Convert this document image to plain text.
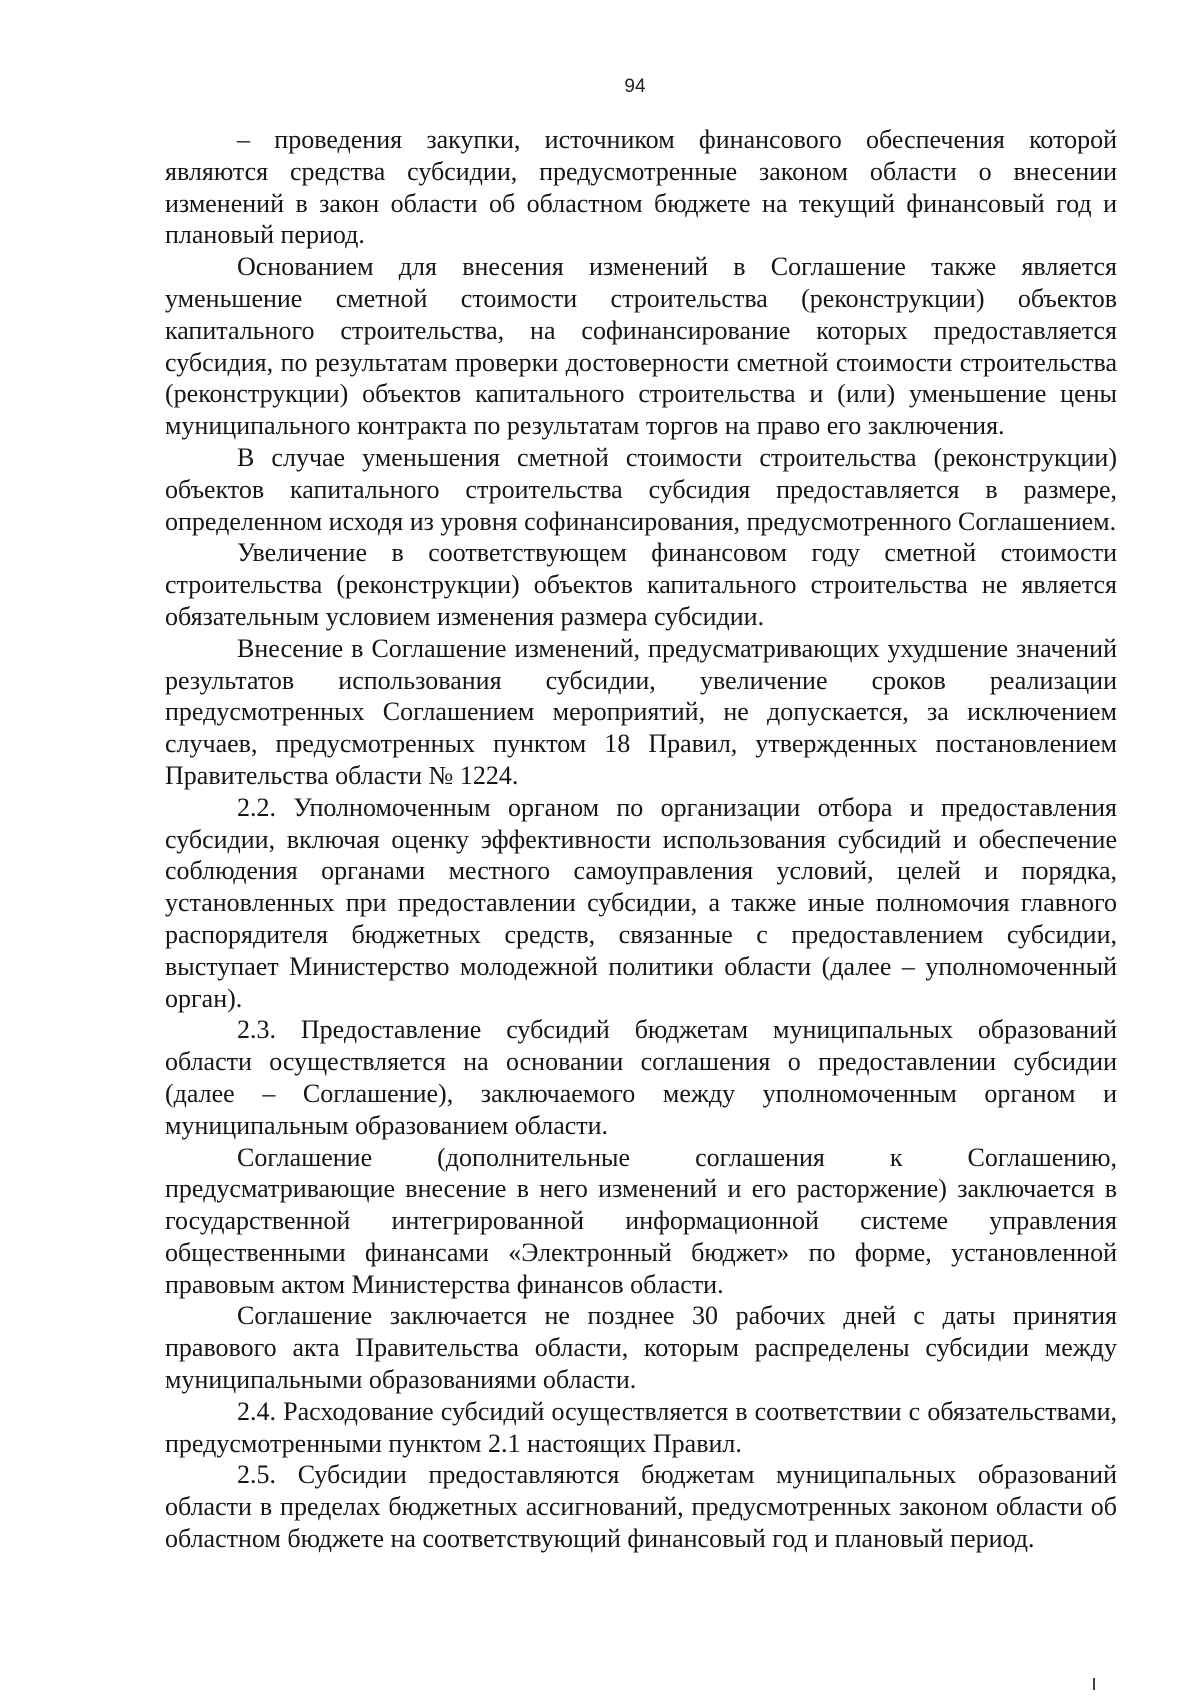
94

– проведения закупки, источником финансового обеспечения которой являются средства субсидии, предусмотренные законом области о внесении изменений в закон области об областном бюджете на текущий финансовый год и плановый период.

Основанием для внесения изменений в Соглашение также является уменьшение сметной стоимости строительства (реконструкции) объектов капитального строительства, на софинансирование которых предоставляется субсидия, по результатам проверки достоверности сметной стоимости строительства (реконструкции) объектов капитального строительства и (или) уменьшение цены муниципального контракта по результатам торгов на право его заключения.

В случае уменьшения сметной стоимости строительства (реконструкции) объектов капитального строительства субсидия предоставляется в размере, определенном исходя из уровня софинансирования, предусмотренного Соглашением.

Увеличение в соответствующем финансовом году сметной стоимости строительства (реконструкции) объектов капитального строительства не является обязательным условием изменения размера субсидии.

Внесение в Соглашение изменений, предусматривающих ухудшение значений результатов использования субсидии, увеличение сроков реализации предусмотренных Соглашением мероприятий, не допускается, за исключением случаев, предусмотренных пунктом 18 Правил, утвержденных постановлением Правительства области № 1224.

2.2. Уполномоченным органом по организации отбора и предоставления субсидии, включая оценку эффективности использования субсидий и обеспечение соблюдения органами местного самоуправления условий, целей и порядка, установленных при предоставлении субсидии, а также иные полномочия главного распорядителя бюджетных средств, связанные с предоставлением субсидии, выступает Министерство молодежной политики области (далее – уполномоченный орган).

2.3. Предоставление субсидий бюджетам муниципальных образований области осуществляется на основании соглашения о предоставлении субсидии (далее – Соглашение), заключаемого между уполномоченным органом и муниципальным образованием области.

Соглашение (дополнительные соглашения к Соглашению, предусматривающие внесение в него изменений и его расторжение) заключается в государственной интегрированной информационной системе управления общественными финансами «Электронный бюджет» по форме, установленной правовым актом Министерства финансов области.

Соглашение заключается не позднее 30 рабочих дней с даты принятия правового акта Правительства области, которым распределены субсидии между муниципальными образованиями области.

2.4. Расходование субсидий осуществляется в соответствии с обязательствами, предусмотренными пунктом 2.1 настоящих Правил.

2.5. Субсидии предоставляются бюджетам муниципальных образований области в пределах бюджетных ассигнований, предусмотренных законом области об областном бюджете на соответствующий финансовый год и плановый период.
